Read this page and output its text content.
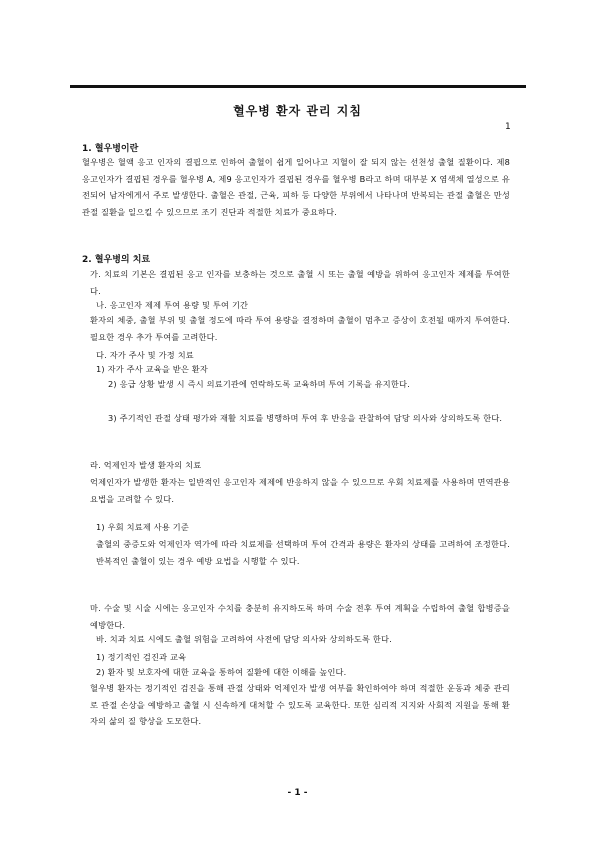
혈우병 환자 관리 지침
1
1. 혈우병이란
혈우병은 혈액 응고 인자의 결핍으로 인하여 출혈이 쉽게 일어나고 지혈이 잘 되지 않는 선천성 출혈 질환이다. 제8 응고인자가 결핍된 경우를 혈우병 A, 제9 응고인자가 결핍된 경우를 혈우병 B라고 하며 대부분 X 염색체 열성으로 유전되어 남자에게서 주로 발생한다. 출혈은 관절, 근육, 피하 등 다양한 부위에서 나타나며 반복되는 관절 출혈은 만성 관절 질환을 일으킬 수 있으므로 조기 진단과 적절한 치료가 중요하다.
2. 혈우병의 치료
가. 치료의 기본은 결핍된 응고 인자를 보충하는 것으로 출혈 시 또는 출혈 예방을 위하여 응고인자 제제를 투여한다.
나. 응고인자 제제 투여 용량 및 투여 기간
환자의 체중, 출혈 부위 및 출혈 정도에 따라 투여 용량을 결정하며 출혈이 멈추고 증상이 호전될 때까지 투여한다. 필요한 경우 추가 투여를 고려한다.
다. 자가 주사 및 가정 치료
1) 자가 주사 교육을 받은 환자
2) 응급 상황 발생 시 즉시 의료기관에 연락하도록 교육하며 투여 기록을 유지한다.
3) 주기적인 관절 상태 평가와 재활 치료를 병행하며 투여 후 반응을 관찰하여 담당 의사와 상의하도록 한다.
라. 억제인자 발생 환자의 치료
억제인자가 발생한 환자는 일반적인 응고인자 제제에 반응하지 않을 수 있으므로 우회 치료제를 사용하며 면역관용 요법을 고려할 수 있다.
1) 우회 치료제 사용 기준
출혈의 중증도와 억제인자 역가에 따라 치료제를 선택하며 투여 간격과 용량은 환자의 상태를 고려하여 조정한다. 반복적인 출혈이 있는 경우 예방 요법을 시행할 수 있다.
마. 수술 및 시술 시에는 응고인자 수치를 충분히 유지하도록 하며 수술 전후 투여 계획을 수립하여 출혈 합병증을 예방한다.
바. 치과 치료 시에도 출혈 위험을 고려하여 사전에 담당 의사와 상의하도록 한다.
1) 정기적인 검진과 교육
2) 환자 및 보호자에 대한 교육을 통하여 질환에 대한 이해를 높인다.
혈우병 환자는 정기적인 검진을 통해 관절 상태와 억제인자 발생 여부를 확인하여야 하며 적절한 운동과 체중 관리로 관절 손상을 예방하고 출혈 시 신속하게 대처할 수 있도록 교육한다. 또한 심리적 지지와 사회적 지원을 통해 환자의 삶의 질 향상을 도모한다.
- 1 -
